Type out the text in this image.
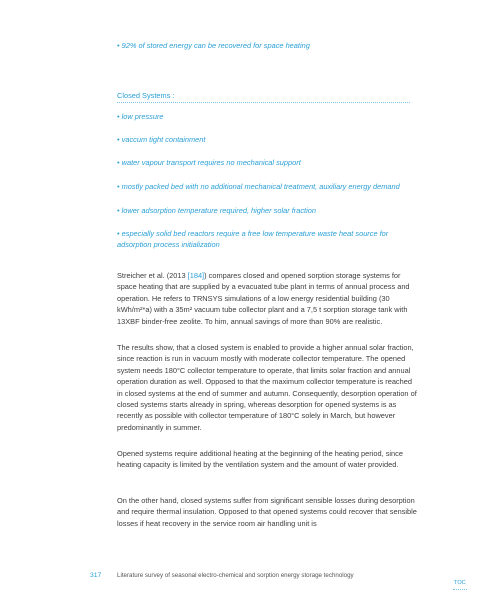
• 92% of stored energy can be recovered for space heating
Closed Systems :
• low pressure
• vaccum tight containment
• water vapour transport requires no mechanical support
• mostly packed bed with no additional mechanical treatment, auxiliary energy demand
• lower adsorption temperature required, higher solar fraction
• especially solid bed reactors require a free low temperature waste heat source for adsorption process initialization
Streicher et al. (2013 [184]) compares closed and opened sorption storage systems for space heating that are supplied by a evacuated tube plant in terms of annual process and operation. He refers to TRNSYS simulations of a low energy residential building (30 kWh/m²*a) with a 35m² vacuum tube collector plant and a 7,5 t sorption storage tank with 13XBF binder-free zeolite. To him, annual savings of more than 90% are realistic.
The results show, that a closed system is enabled to provide a higher annual solar fraction, since reaction is run in vacuum mostly with moderate collector temperature. The opened system needs 180°C collector temperature to operate, that limits solar fraction and annual operation duration as well. Opposed to that the maximum collector temperature is reached in closed systems at the end of summer and autumn. Consequently, desorption operation of closed systems starts already in spring, whereas desorption for opened systems is as recently as possible with collector temperature of 180°C solely in March, but however predominantly in summer.
Opened systems require additional heating at the beginning of the heating period, since heating capacity is limited by the ventilation system and the amount of water provided.
On the other hand, closed systems suffer from significant sensible losses during desorption and require thermal insulation. Opposed to that opened systems could recover that sensible losses if heat recovery in the service room air handling unit is
317	Literature survey of seasonal electro-chemical and sorption energy storage technology
TOC
